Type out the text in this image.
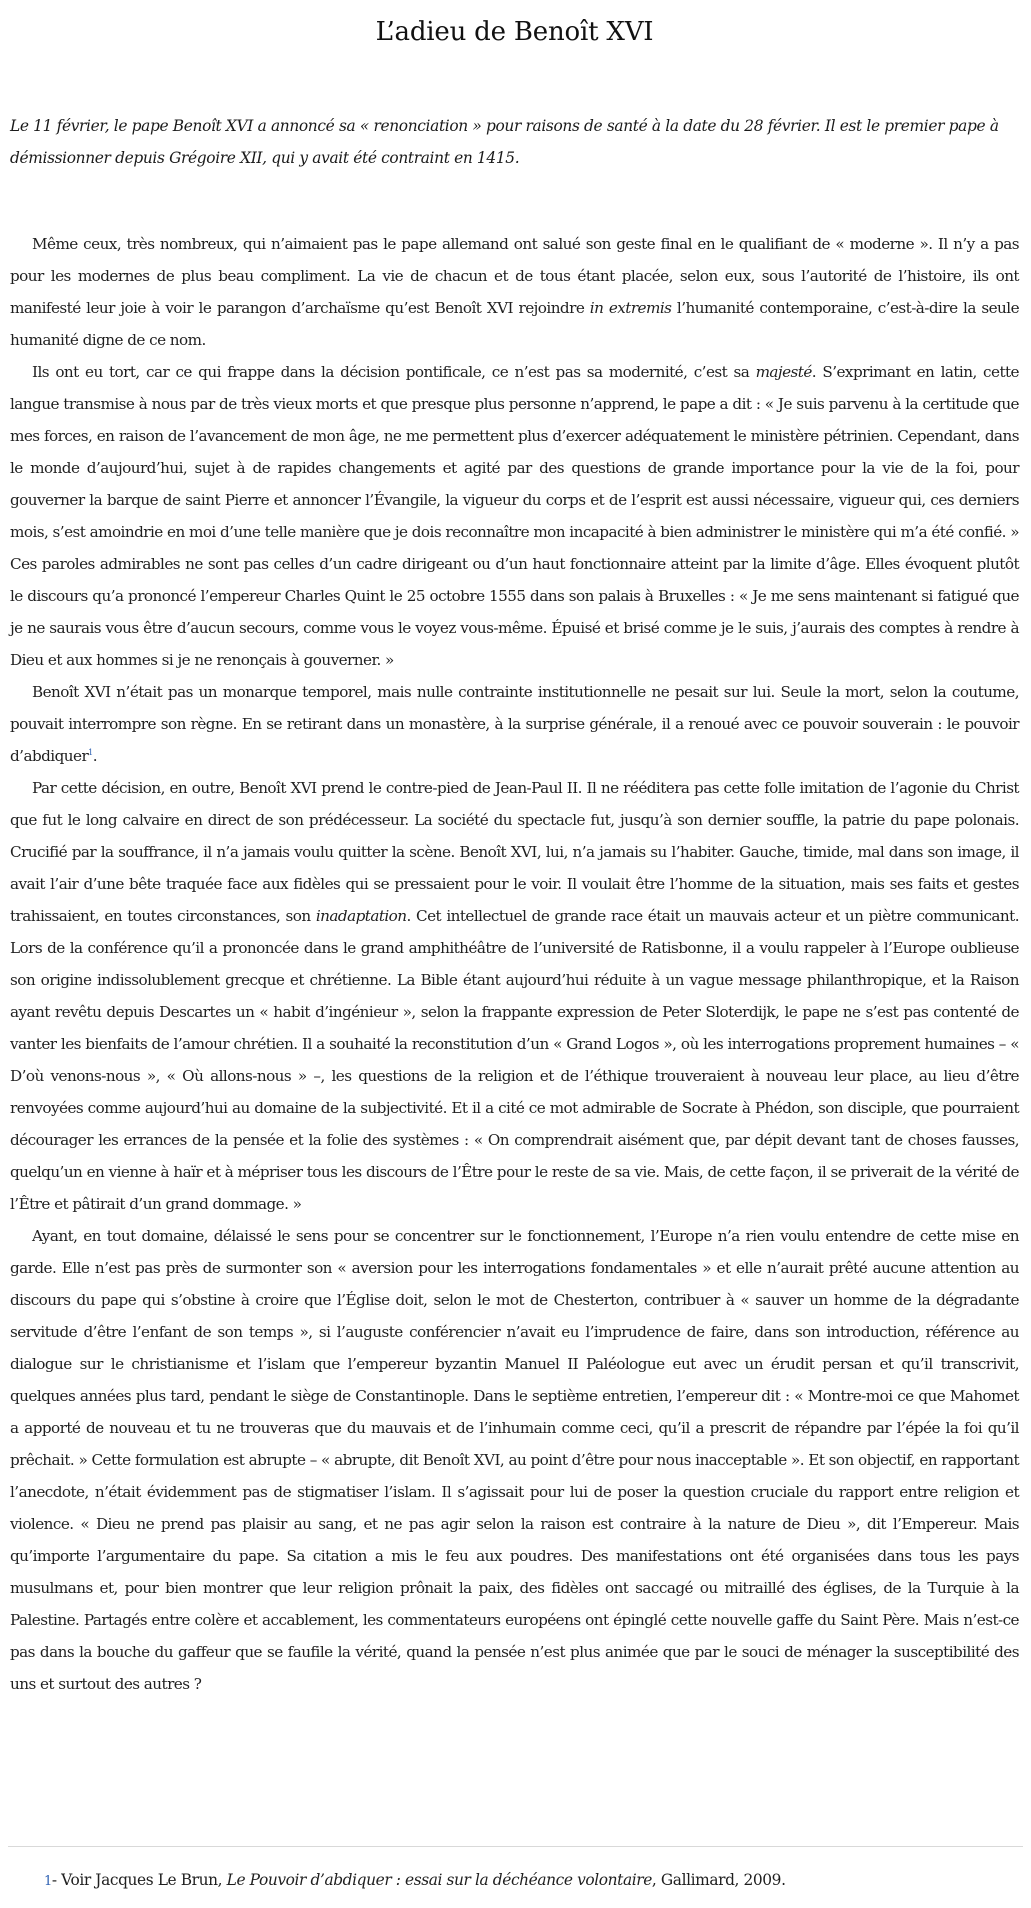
L’adieu de Benoît XVI

Le 11 février, le pape Benoît XVI a annoncé sa « renonciation » pour raisons de santé à la date du 28 février. Il est le premier pape à démissionner depuis Grégoire XII, qui y avait été contraint en 1415.

Même ceux, très nombreux, qui n’aimaient pas le pape allemand ont salué son geste final en le qualifiant de « moderne ». Il n’y a pas pour les modernes de plus beau compliment. La vie de chacun et de tous étant placée, selon eux, sous l’autorité de l’histoire, ils ont manifesté leur joie à voir le parangon d’archaïsme qu’est Benoît XVI rejoindre in extremis l’humanité contemporaine, c’est-à-dire la seule humanité digne de ce nom.

Ils ont eu tort, car ce qui frappe dans la décision pontificale, ce n’est pas sa modernité, c’est sa majesté. S’exprimant en latin, cette langue transmise à nous par de très vieux morts et que presque plus personne n’apprend, le pape a dit : « Je suis parvenu à la certitude que mes forces, en raison de l’avancement de mon âge, ne me permettent plus d’exercer adéquatement le ministère pétrinien. Cependant, dans le monde d’aujourd’hui, sujet à de rapides changements et agité par des questions de grande importance pour la vie de la foi, pour gouverner la barque de saint Pierre et annoncer l’Évangile, la vigueur du corps et de l’esprit est aussi nécessaire, vigueur qui, ces derniers mois, s’est amoindrie en moi d’une telle manière que je dois reconnaître mon incapacité à bien administrer le ministère qui m’a été confié. » Ces paroles admirables ne sont pas celles d’un cadre dirigeant ou d’un haut fonctionnaire atteint par la limite d’âge. Elles évoquent plutôt le discours qu’a prononcé l’empereur Charles Quint le 25 octobre 1555 dans son palais à Bruxelles : « Je me sens maintenant si fatigué que je ne saurais vous être d’aucun secours, comme vous le voyez vous-même. Épuisé et brisé comme je le suis, j’aurais des comptes à rendre à Dieu et aux hommes si je ne renonçais à gouverner. »

Benoît XVI n’était pas un monarque temporel, mais nulle contrainte institutionnelle ne pesait sur lui. Seule la mort, selon la coutume, pouvait interrompre son règne. En se retirant dans un monastère, à la surprise générale, il a renoué avec ce pouvoir souverain : le pouvoir d’abdiquer$^1$.

Par cette décision, en outre, Benoît XVI prend le contre-pied de Jean-Paul II. Il ne rééditera pas cette folle imitation de l’agonie du Christ que fut le long calvaire en direct de son prédécesseur. La société du spectacle fut, jusqu’à son dernier souffle, la patrie du pape polonais. Crucifié par la souffrance, il n’a jamais voulu quitter la scène. Benoît XVI, lui, n’a jamais su l’habiter. Gauche, timide, mal dans son image, il avait l’air d’une bête traquée face aux fidèles qui se pressaient pour le voir. Il voulait être l’homme de la situation, mais ses faits et gestes trahissaient, en toutes circonstances, son inadaptation. Cet intellectuel de grande race était un mauvais acteur et un piètre communicant. Lors de la conférence qu’il a prononcée dans le grand amphithéâtre de l’université de Ratisbonne, il a voulu rappeler à l’Europe oublieuse son origine indissolublement grecque et chrétienne. La Bible étant aujourd’hui réduite à un vague message philanthropique, et la Raison ayant revêtu depuis Descartes un « habit d’ingénieur », selon la frappante expression de Peter Sloterdijk, le pape ne s’est pas contenté de vanter les bienfaits de l’amour chrétien. Il a souhaité la reconstitution d’un « Grand Logos », où les interrogations proprement humaines – « D’où venons-nous », « Où allons-nous » –, les questions de la religion et de l’éthique trouveraient à nouveau leur place, au lieu d’être renvoyées comme aujourd’hui au domaine de la subjectivité. Et il a cité ce mot admirable de Socrate à Phédon, son disciple, que pourraient décourager les errances de la pensée et la folie des systèmes : « On comprendrait aisément que, par dépit devant tant de choses fausses, quelqu’un en vienne à haïr et à mépriser tous les discours de l’Être pour le reste de sa vie. Mais, de cette façon, il se priverait de la vérité de l’Être et pâtirait d’un grand dommage. »

Ayant, en tout domaine, délaissé le sens pour se concentrer sur le fonctionnement, l’Europe n’a rien voulu entendre de cette mise en garde. Elle n’est pas près de surmonter son « aversion pour les interrogations fondamentales » et elle n’aurait prêté aucune attention au discours du pape qui s’obstine à croire que l’Église doit, selon le mot de Chesterton, contribuer à « sauver un homme de la dégradante servitude d’être l’enfant de son temps », si l’auguste conférencier n’avait eu l’imprudence de faire, dans son introduction, référence au dialogue sur le christianisme et l’islam que l’empereur byzantin Manuel II Paléologue eut avec un érudit persan et qu’il transcrivit, quelques années plus tard, pendant le siège de Constantinople. Dans le septième entretien, l’empereur dit : « Montre-moi ce que Mahomet a apporté de nouveau et tu ne trouveras que du mauvais et de l’inhumain comme ceci, qu’il a prescrit de répandre par l’épée la foi qu’il prêchait. » Cette formulation est abrupte – « abrupte, dit Benoît XVI, au point d’être pour nous inacceptable ». Et son objectif, en rapportant l’anecdote, n’était évidemment pas de stigmatiser l’islam. Il s’agissait pour lui de poser la question cruciale du rapport entre religion et violence. « Dieu ne prend pas plaisir au sang, et ne pas agir selon la raison est contraire à la nature de Dieu », dit l’Empereur. Mais qu’importe l’argumentaire du pape. Sa citation a mis le feu aux poudres. Des manifestations ont été organisées dans tous les pays musulmans et, pour bien montrer que leur religion prônait la paix, des fidèles ont saccagé ou mitraillé des églises, de la Turquie à la Palestine. Partagés entre colère et accablement, les commentateurs européens ont épinglé cette nouvelle gaffe du Saint Père. Mais n’est-ce pas dans la bouche du gaffeur que se faufile la vérité, quand la pensée n’est plus animée que par le souci de ménager la susceptibilité des uns et surtout des autres ?

1- Voir Jacques Le Brun, Le Pouvoir d’abdiquer : essai sur la déchéance volontaire, Gallimard, 2009.
